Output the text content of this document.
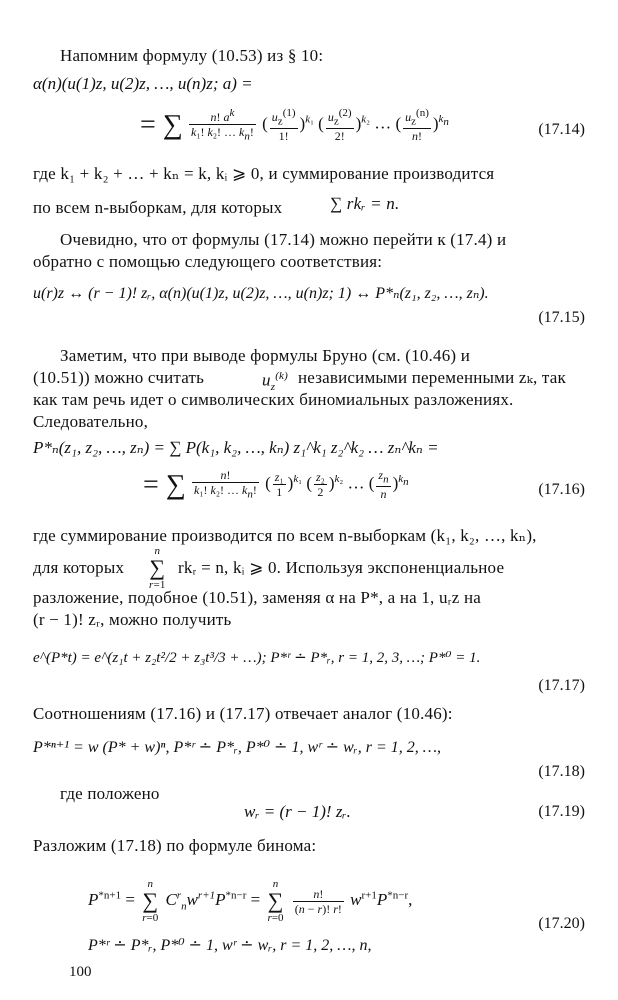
Напомним формулу (10.53) из § 10:
α(n)(u(1)z, u(2)z, …, u(n)z; a) =
= ∑ $\frac{n! a^k}{k_1! k_2! \dots k_n!}$ ( $\frac{u_z^{(1)}}{1!} )^{k_1}$ ( $\frac{u_z^{(2)}}{2!} )^{k_2}$ … ( $\frac{u_z^{(n)}}{n!} )^{k_n}$	(17.14)
где k₁ + k₂ + … + kₙ = k, kᵢ ⩾ 0, и суммирование производится
по всем n-выборкам, для которых	∑ rkᵣ = n.
Очевидно, что от формулы (17.14) можно перейти к (17.4) и
обратно с помощью следующего соответствия:
u(r)z ↔ (r − 1)! zᵣ, α(n)(u(1)z, u(2)z, …, u(n)z; 1) ↔ P*ₙ(z₁, z₂, …, zₙ).
(17.15)
Заметим, что при выводе формулы Бруно (см. (10.46) и
(10.51)) можно считать	$u_z^{(k)}$ независимыми переменными zₖ, так
как там речь идет о символических биномиальных разложениях.
Следовательно,
P*ₙ(z₁, z₂, …, zₙ) = ∑ P(k₁, k₂, …, kₙ) z₁^k₁ z₂^k₂ … zₙ^kₙ =
= ∑ $\frac{n!}{k_1! k_2! \dots k_n!}$ ( $\frac{\text{z₁}}{1} )^{k_1}$ ( $\frac{\text{z₂}}{2} )^{k_2}$ … ( $\frac{z_n}{n} )^{k_n}$	(17.16)
где суммирование производится по всем n-выборкам (k₁, k₂, …, kₙ),
для которых
n
∑
r=1
rkᵣ = n, kᵢ ⩾ 0. Используя экспоненциальное
разложение, подобное (10.51), заменяя α на P*, a на 1, uᵣz на
(r − 1)! zᵣ, можно получить
e^(P*t) = e^(z₁t + z₂t²/2 + z₃t³/3 + …); P*ʳ ∸ P*ᵣ, r = 1, 2, 3, …; P*⁰ = 1.
(17.17)
Соотношениям (17.16) и (17.17) отвечает аналог (10.46):
P*ⁿ⁺¹ = w (P* + w)ⁿ, P*ʳ ∸ P*ᵣ, P*⁰ ∸ 1, wʳ ∸ wᵣ, r = 1, 2, …,
(17.18)
где положено
wᵣ = (r − 1)! zᵣ.	(17.19)
Разложим (17.18) по формуле бинома:
$P^{*n+1} = n$
∑
r=0 $C^r_nw^{r+1}P^{*n-r} = n$
∑
r=0
$\frac{n!}{(n - r)! r!} w^{r+1}P^{*n-r}$,
P*ʳ ∸ P*ᵣ, P*⁰ ∸ 1, wʳ ∸ wᵣ, r = 1, 2, …, n,
(17.20)
100
